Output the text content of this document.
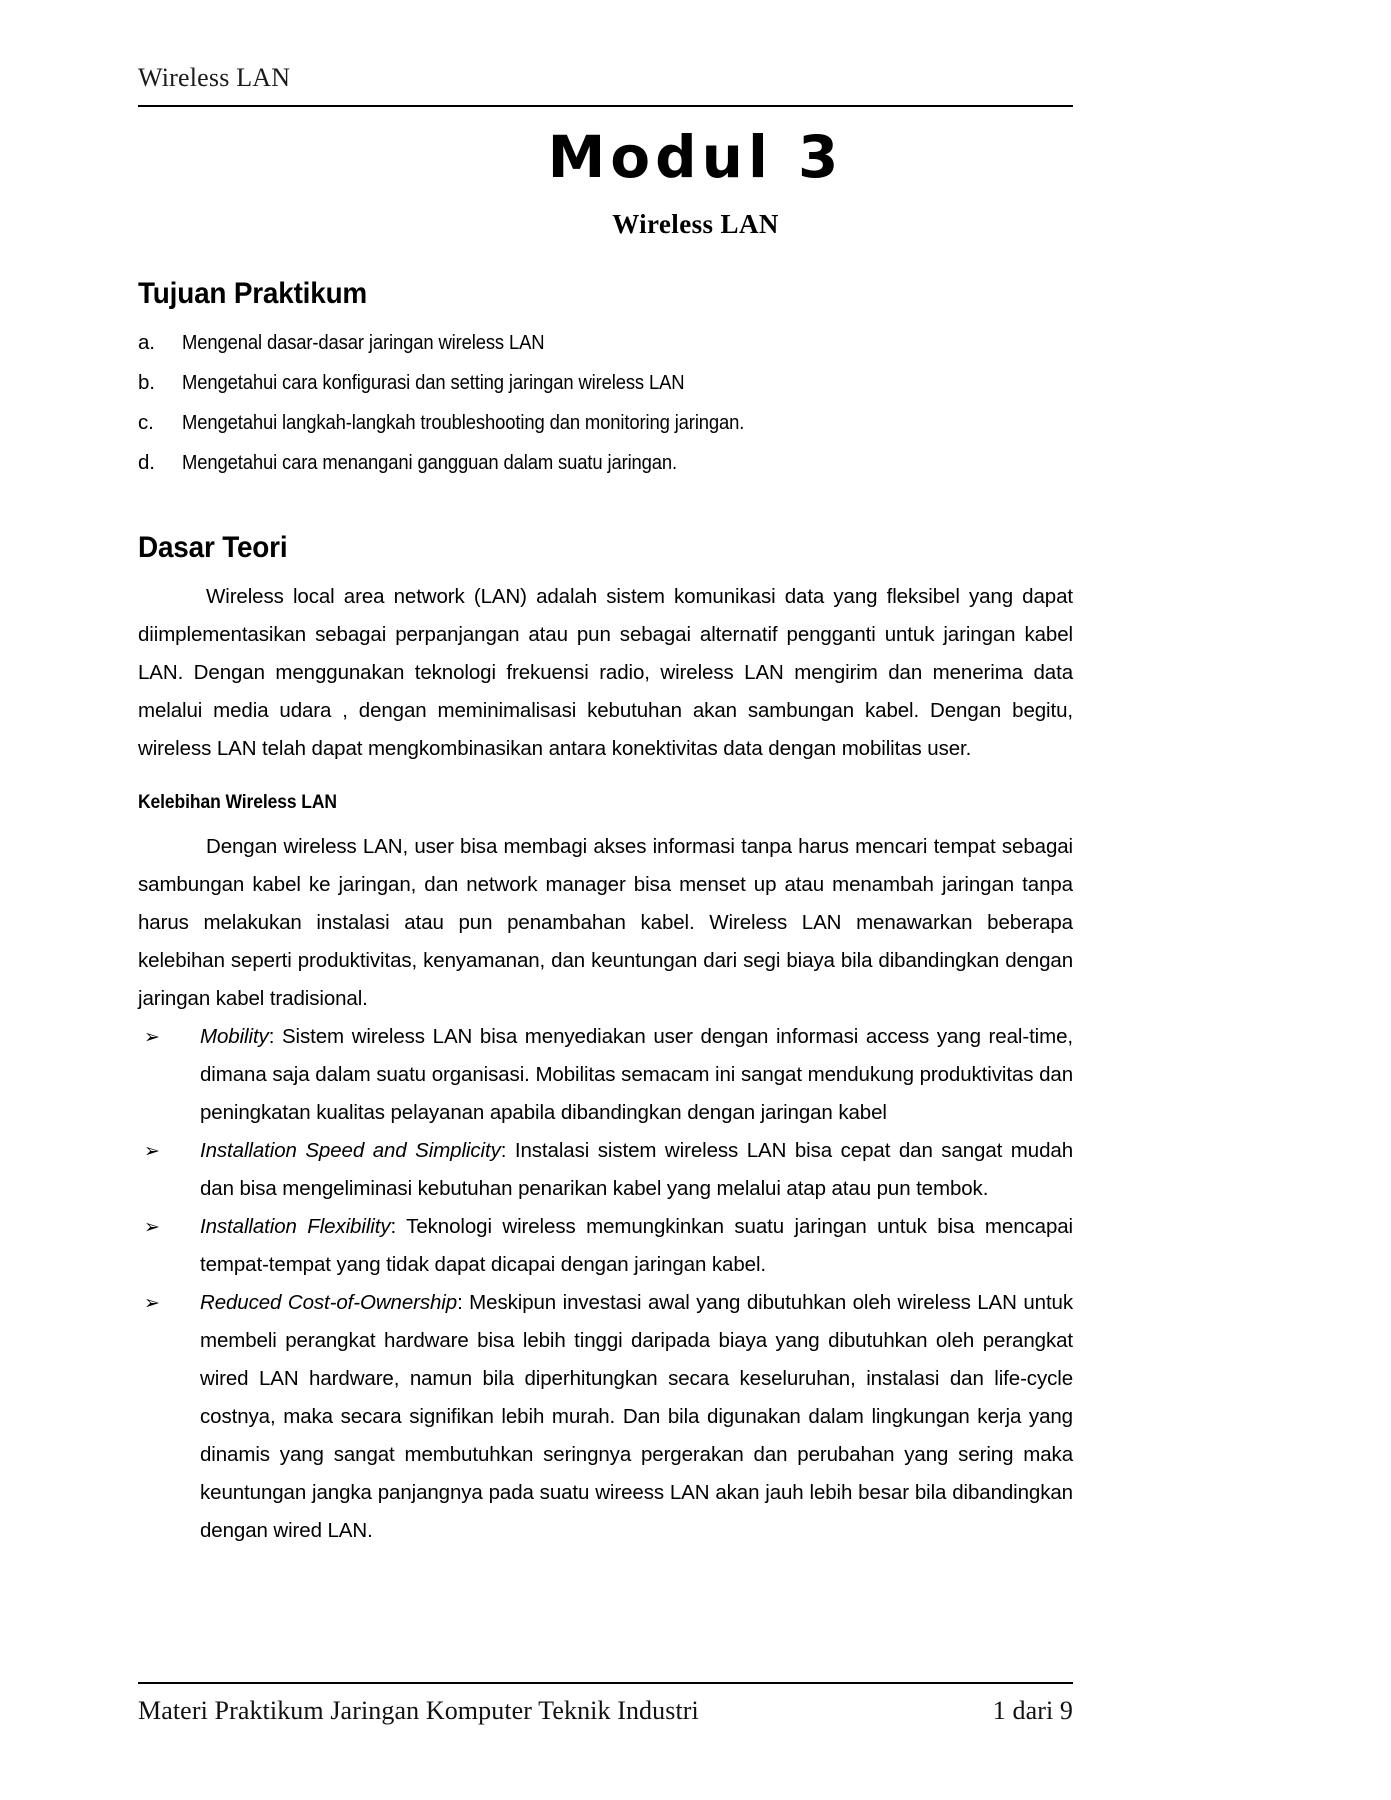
Wireless LAN
Modul 3
Wireless LAN
Tujuan Praktikum
a.	Mengenal dasar-dasar jaringan wireless LAN
b.	Mengetahui cara konfigurasi dan setting jaringan wireless LAN
c.	Mengetahui langkah-langkah troubleshooting dan monitoring jaringan.
d.	Mengetahui cara menangani gangguan dalam suatu jaringan.
Dasar Teori

Wireless local area network (LAN) adalah sistem komunikasi data yang fleksibel yang dapat diimplementasikan sebagai perpanjangan atau pun sebagai alternatif pengganti untuk jaringan kabel LAN. Dengan menggunakan teknologi frekuensi radio, wireless LAN mengirim dan menerima data melalui media udara , dengan meminimalisasi kebutuhan akan sambungan kabel. Dengan begitu, wireless LAN telah dapat mengkombinasikan antara konektivitas data dengan mobilitas user.

Kelebihan Wireless LAN

Dengan wireless LAN, user bisa membagi akses informasi tanpa harus mencari tempat sebagai sambungan kabel ke jaringan, dan network manager bisa menset up atau menambah jaringan tanpa harus melakukan instalasi atau pun penambahan kabel. Wireless LAN menawarkan beberapa kelebihan seperti produktivitas, kenyamanan, dan keuntungan dari segi biaya bila dibandingkan dengan jaringan kabel tradisional.

➢ Mobility: Sistem wireless LAN bisa menyediakan user dengan informasi access yang real-time, dimana saja dalam suatu organisasi. Mobilitas semacam ini sangat mendukung produktivitas dan peningkatan kualitas pelayanan apabila dibandingkan dengan jaringan kabel
➢ Installation Speed and Simplicity: Instalasi sistem wireless LAN bisa cepat dan sangat mudah dan bisa mengeliminasi kebutuhan penarikan kabel yang melalui atap atau pun tembok.
➢ Installation Flexibility: Teknologi wireless memungkinkan suatu jaringan untuk bisa mencapai tempat-tempat yang tidak dapat dicapai dengan jaringan kabel.
➢ Reduced Cost-of-Ownership: Meskipun investasi awal yang dibutuhkan oleh wireless LAN untuk membeli perangkat hardware bisa lebih tinggi daripada biaya yang dibutuhkan oleh perangkat wired LAN hardware, namun bila diperhitungkan secara keseluruhan, instalasi dan life-cycle costnya, maka secara signifikan lebih murah. Dan bila digunakan dalam lingkungan kerja yang dinamis yang sangat membutuhkan seringnya pergerakan dan perubahan yang sering maka keuntungan jangka panjangnya pada suatu wireess LAN akan jauh lebih besar bila dibandingkan dengan wired LAN.
Materi Praktikum Jaringan Komputer Teknik Industri	1 dari 9
